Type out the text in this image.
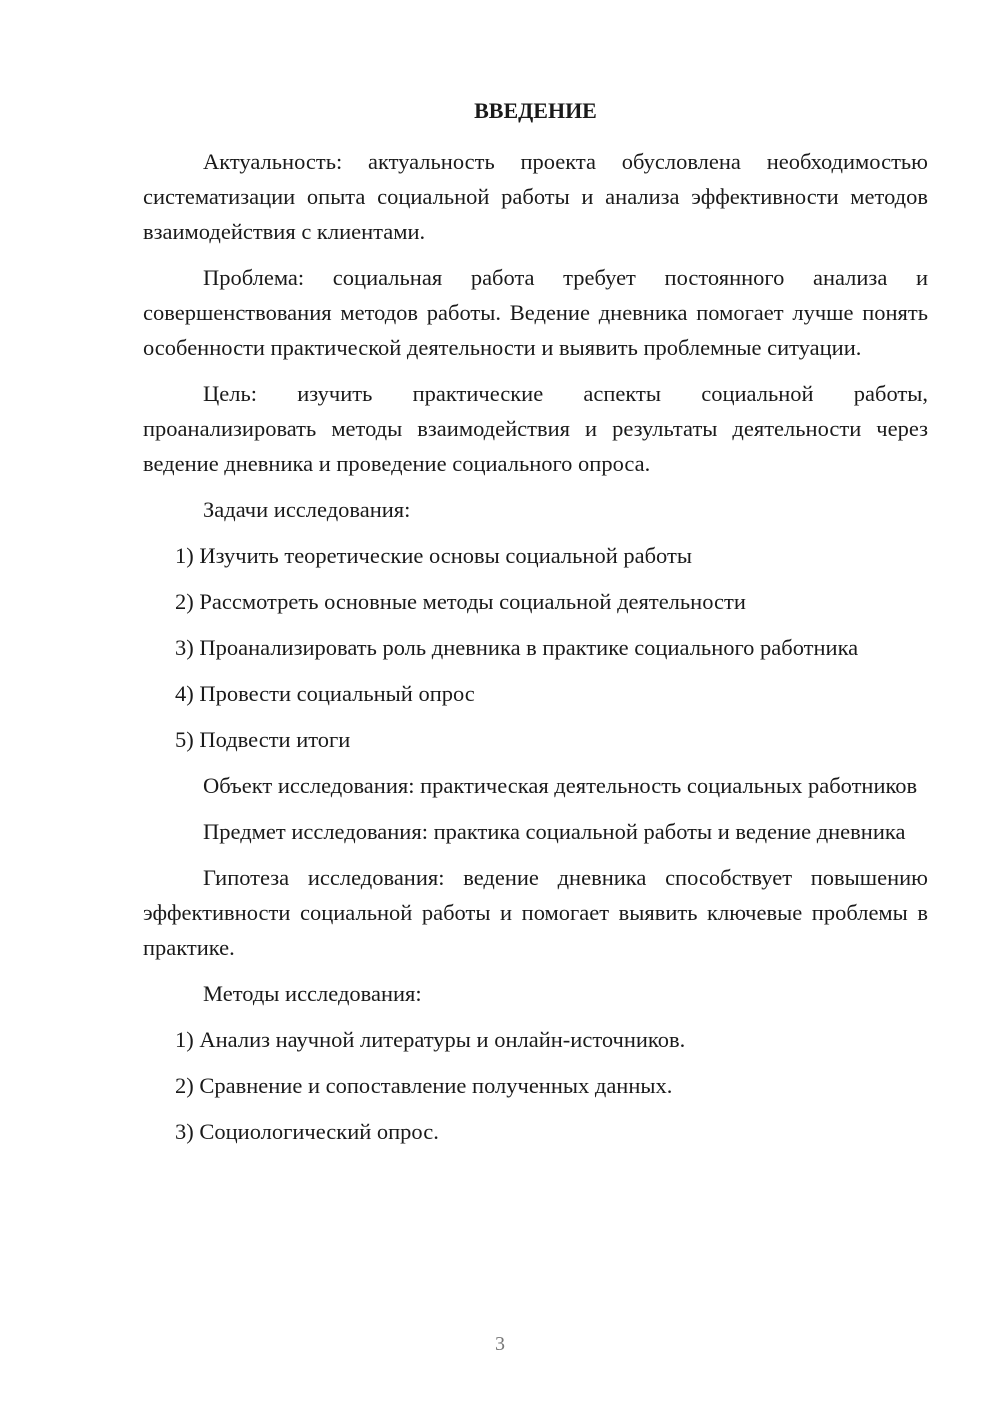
ВВЕДЕНИЕ

Актуальность: актуальность проекта обусловлена необходимостью систематизации опыта социальной работы и анализа эффективности методов взаимодействия с клиентами.

Проблема: социальная работа требует постоянного анализа и совершенствования методов работы. Ведение дневника помогает лучше понять особенности практической деятельности и выявить проблемные ситуации.

Цель: изучить практические аспекты социальной работы, проанализировать методы взаимодействия и результаты деятельности через ведение дневника и проведение социального опроса.

Задачи исследования:

1) Изучить теоретические основы социальной работы

2) Рассмотреть основные методы социальной деятельности

3) Проанализировать роль дневника в практике социального работника

4) Провести социальный опрос

5) Подвести итоги

Объект исследования: практическая деятельность социальных работников

Предмет исследования: практика социальной работы и ведение дневника

Гипотеза исследования: ведение дневника способствует повышению эффективности социальной работы и помогает выявить ключевые проблемы в практике.

Методы исследования:

1) Анализ научной литературы и онлайн-источников.

2) Сравнение и сопоставление полученных данных.

3) Социологический опрос.

3
